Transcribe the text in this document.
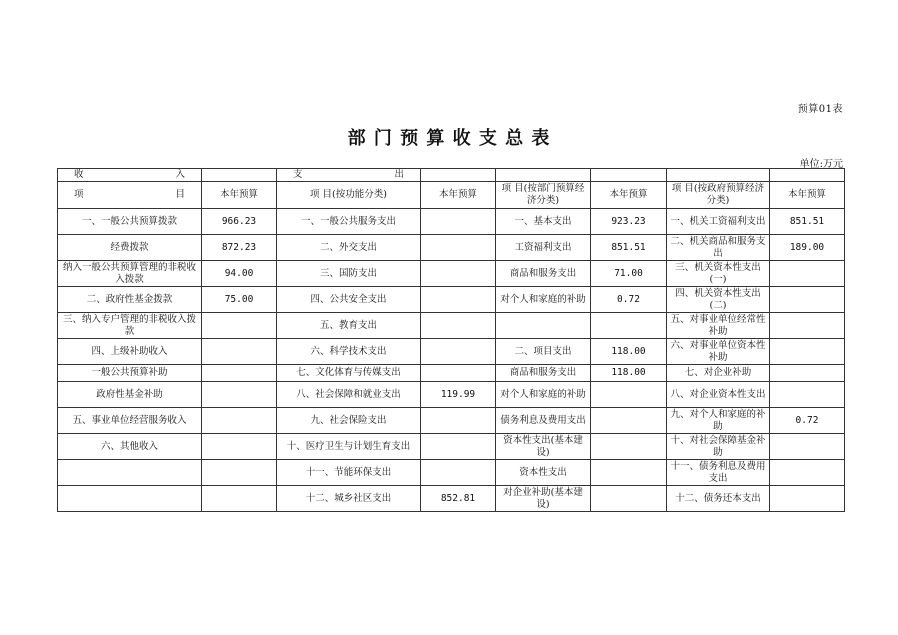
预算01表
部 门 预 算 收 支 总 表
单位:万元
收 入		支 出					

项 目	本年预算	项 目(按功能分类)	本年预算	项 目(按部门预算经济分类)	本年预算	项 目(按政府预算经济分类)	本年预算
一、一般公共预算拨款	966.23	一、一般公共服务支出		一、基本支出	923.23	一、机关工资福利支出	851.51
经费拨款	872.23	二、外交支出		工资福利支出	851.51	二、机关商品和服务支出	189.00
纳入一般公共预算管理的非税收入拨款	94.00	三、国防支出		商品和服务支出	71.00	三、机关资本性支出(一)	
二、政府性基金拨款	75.00	四、公共安全支出		对个人和家庭的补助	0.72	四、机关资本性支出(二)	
三、纳入专户管理的非税收入拨款		五、教育支出				五、对事业单位经常性补助	
四、上级补助收入		六、科学技术支出		二、项目支出	118.00	六、对事业单位资本性补助	
一般公共预算补助		七、文化体育与传媒支出		商品和服务支出	118.00	七、对企业补助	
政府性基金补助		八、社会保障和就业支出	119.99	对个人和家庭的补助		八、对企业资本性支出	
五、事业单位经营服务收入		九、社会保险支出		债务利息及费用支出		九、对个人和家庭的补助	0.72
六、其他收入		十、医疗卫生与计划生育支出		资本性支出(基本建设)		十、对社会保障基金补助	
		十一、节能环保支出		资本性支出		十一、债务利息及费用支出	
		十二、城乡社区支出	852.81	对企业补助(基本建设)		十二、债务还本支出	
